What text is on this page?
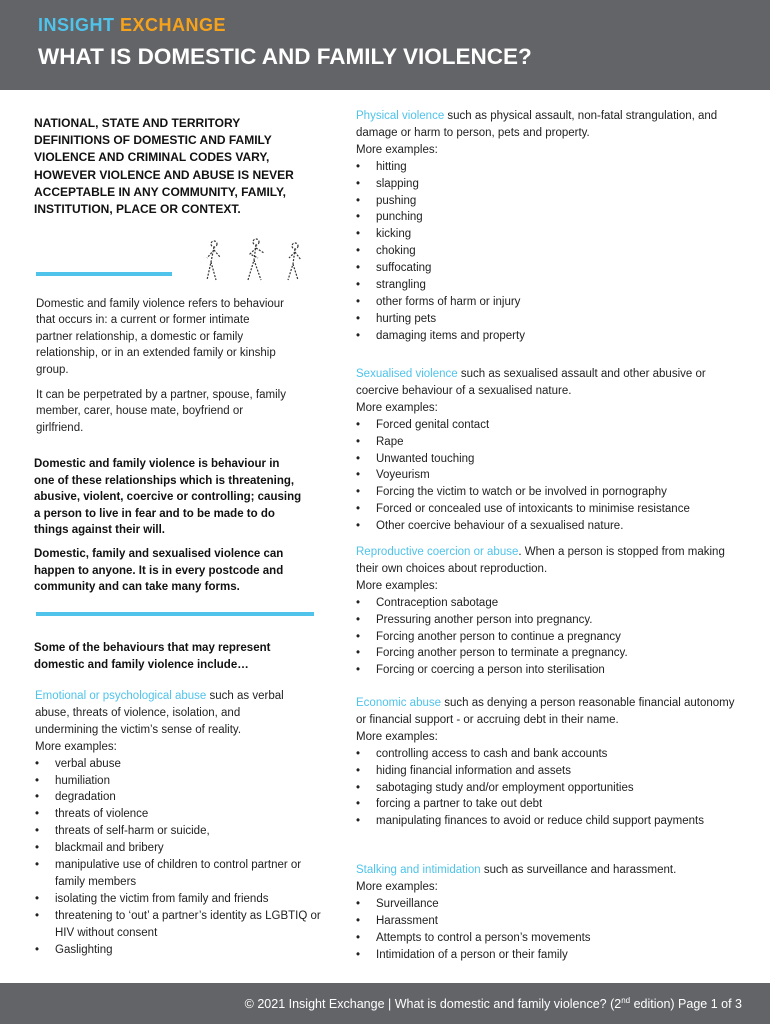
INSIGHT EXCHANGE
WHAT IS DOMESTIC AND FAMILY VIOLENCE?
NATIONAL, STATE AND TERRITORY
DEFINITIONS OF DOMESTIC AND FAMILY
VIOLENCE AND CRIMINAL CODES VARY,
HOWEVER VIOLENCE AND ABUSE IS NEVER
ACCEPTABLE IN ANY COMMUNITY, FAMILY,
INSTITUTION, PLACE OR CONTEXT.
Domestic and family violence refers to behaviour
that occurs in: a current or former intimate
partner relationship, a domestic or family
relationship, or in an extended family or kinship
group.
It can be perpetrated by a partner, spouse, family
member, carer, house mate, boyfriend or
girlfriend.
Domestic and family violence is behaviour in
one of these relationships which is threatening,
abusive, violent, coercive or controlling; causing
a person to live in fear and to be made to do
things against their will.
Domestic, family and sexualised violence can
happen to anyone. It is in every postcode and
community and can take many forms.
Some of the behaviours that may represent
domestic and family violence include…
Emotional or psychological abuse such as verbal
abuse, threats of violence, isolation, and
undermining the victim’s sense of reality.
More examples:
• verbal abuse
• humiliation
• degradation
• threats of violence
• threats of self-harm or suicide,
• blackmail and bribery
• manipulative use of children to control partner or family members
• isolating the victim from family and friends
• threatening to ‘out’ a partner’s identity as LGBTIQ or HIV without consent
• Gaslighting
Physical violence such as physical assault, non-fatal strangulation, and damage or harm to person, pets and property.
More examples:
• hitting
• slapping
• pushing
• punching
• kicking
• choking
• suffocating
• strangling
• other forms of harm or injury
• hurting pets
• damaging items and property
Sexualised violence such as sexualised assault and other abusive or coercive behaviour of a sexualised nature.
More examples:
• Forced genital contact
• Rape
• Unwanted touching
• Voyeurism
• Forcing the victim to watch or be involved in pornography
• Forced or concealed use of intoxicants to minimise resistance
• Other coercive behaviour of a sexualised nature.
Reproductive coercion or abuse. When a person is stopped from making their own choices about reproduction.
More examples:
• Contraception sabotage
• Pressuring another person into pregnancy.
• Forcing another person to continue a pregnancy
• Forcing another person to terminate a pregnancy.
• Forcing or coercing a person into sterilisation
Economic abuse such as denying a person reasonable financial autonomy or financial support - or accruing debt in their name.
More examples:
• controlling access to cash and bank accounts
• hiding financial information and assets
• sabotaging study and/or employment opportunities
• forcing a partner to take out debt
• manipulating finances to avoid or reduce child support payments
Stalking and intimidation such as surveillance and harassment.
More examples:
• Surveillance
• Harassment
• Attempts to control a person’s movements
• Intimidation of a person or their family
© 2021 Insight Exchange | What is domestic and family violence? (2nd edition) Page 1 of 3
